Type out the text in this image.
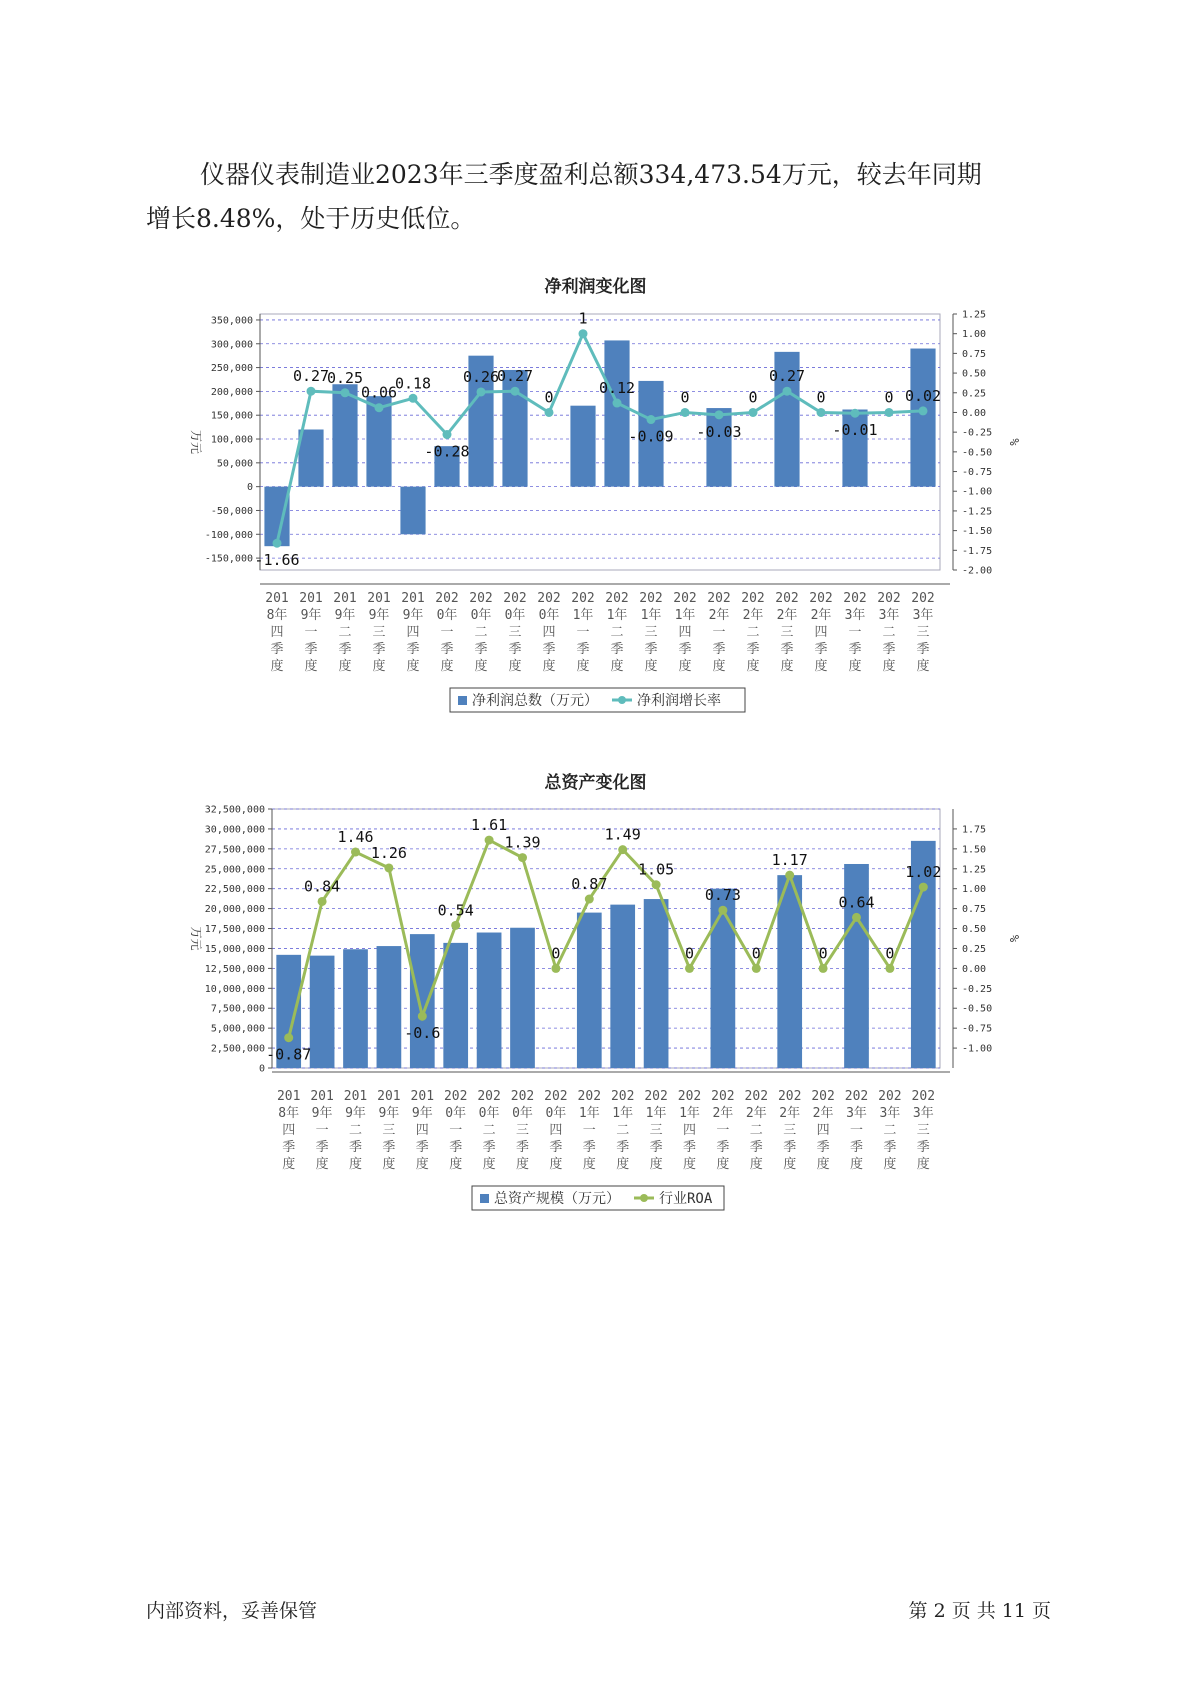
仪器仪表制造业2023年三季度盈利总额334,473.54万元，较去年同期
增长8.48%，处于历史低位。
净利润变化图
350,000
300,000
250,000
200,000
150,000
100,000
50,000
0
-50,000
-100,000
-150,000
1.25
1.00
0.75
0.50
0.25
0.00
-0.25
-0.50
-0.75
-1.00
-1.25
-1.50
-1.75
-2.00
万元	%
201
8年
四
季
度
201
9年
一
季
度
201
9年
二
季
度
201
9年
三
季
度
201
9年
四
季
度
202
0年
一
季
度
202
0年
二
季
度
202
0年
三
季
度
202
0年
四
季
度
202
1年
一
季
度
202
1年
二
季
度
202
1年
三
季
度
202
1年
四
季
度
202
2年
一
季
度
202
2年
二
季
度
202
2年
三
季
度
202
2年
四
季
度
202
3年
一
季
度
202
3年
二
季
度
202
3年
三
季
度
-1.66
0.27
0.25
0.06
0.18
-0.28
0.26
0.27
0
1
0.12
-0.09
0
-0.03
0
0.27
0
-0.01
0 0.02
净利润总数（万元）	净利润增长率
总资产变化图
32,500,000
30,000,000
27,500,000
25,000,000
22,500,000
20,000,000
17,500,000
15,000,000
12,500,000
10,000,000
7,500,000
5,000,000
2,500,000
0
1.75
1.50
1.25
1.00
0.75
0.50
0.25
0.00
-0.25
-0.50
-0.75
-1.00
万元	%
201
8年
四
季
度
201
9年
一
季
度
201
9年
二
季
度
201
9年
三
季
度
201
9年
四
季
度
202
0年
一
季
度
202
0年
二
季
度
202
0年
三
季
度
202
0年
四
季
度
202
1年
一
季
度
202
1年
二
季
度
202
1年
三
季
度
202
1年
四
季
度
202
2年
一
季
度
202
2年
二
季
度
202
2年
三
季
度
202
2年
四
季
度
202
3年
一
季
度
202
3年
二
季
度
202
3年
三
季
度
-0.87
0.84
1.46
1.26
-0.6
0.54
1.61
1.39
0
0.87
1.49
1.05
0
0.73
0
1.17
0
0.64
0
1.02
总资产规模（万元）	行业ROA
内部资料，妥善保管	第 2 页 共 11 页
